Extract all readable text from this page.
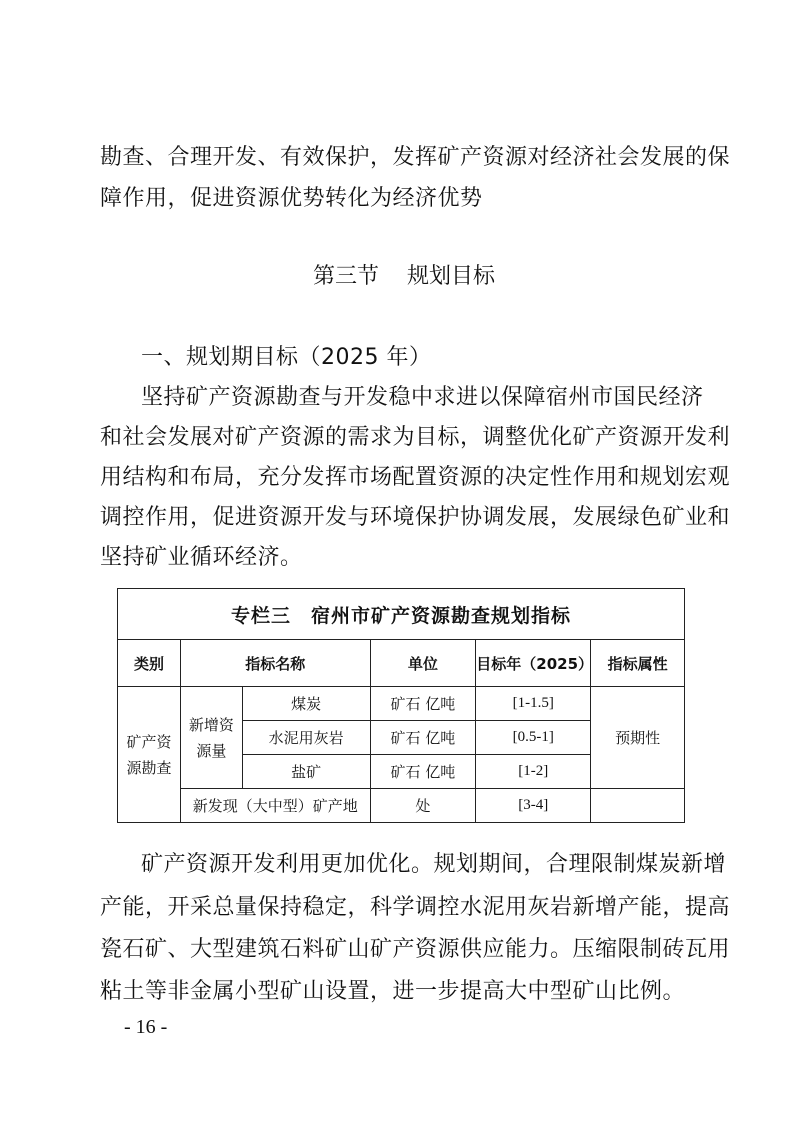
勘查、合理开发、有效保护，发挥矿产资源对经济社会发展的保
障作用，促进资源优势转化为经济优势
第三节 规划目标
一、规划期目标（2025 年）
坚持矿产资源勘查与开发稳中求进以保障宿州市国民经济
和社会发展对矿产资源的需求为目标，调整优化矿产资源开发利
用结构和布局，充分发挥市场配置资源的决定性作用和规划宏观
调控作用，促进资源开发与环境保护协调发展，发展绿色矿业和
坚持矿业循环经济。
专栏三　宿州市矿产资源勘查规划指标					
类别	指标名称		单位	目标年（2025）	指标属性
矿产资源勘查	新增资源量	煤炭	矿石 亿吨	[1-1.5]	预期性
		水泥用灰岩	矿石 亿吨	[0.5-1]	
		盐矿	矿石 亿吨	[1-2]	
	新发现（大中型）矿产地		处	[3-4]	
矿产资源开发利用更加优化。规划期间，合理限制煤炭新增
产能，开采总量保持稳定，科学调控水泥用灰岩新增产能，提高
瓷石矿、大型建筑石料矿山矿产资源供应能力。压缩限制砖瓦用
粘土等非金属小型矿山设置，进一步提高大中型矿山比例。
- 16 -
